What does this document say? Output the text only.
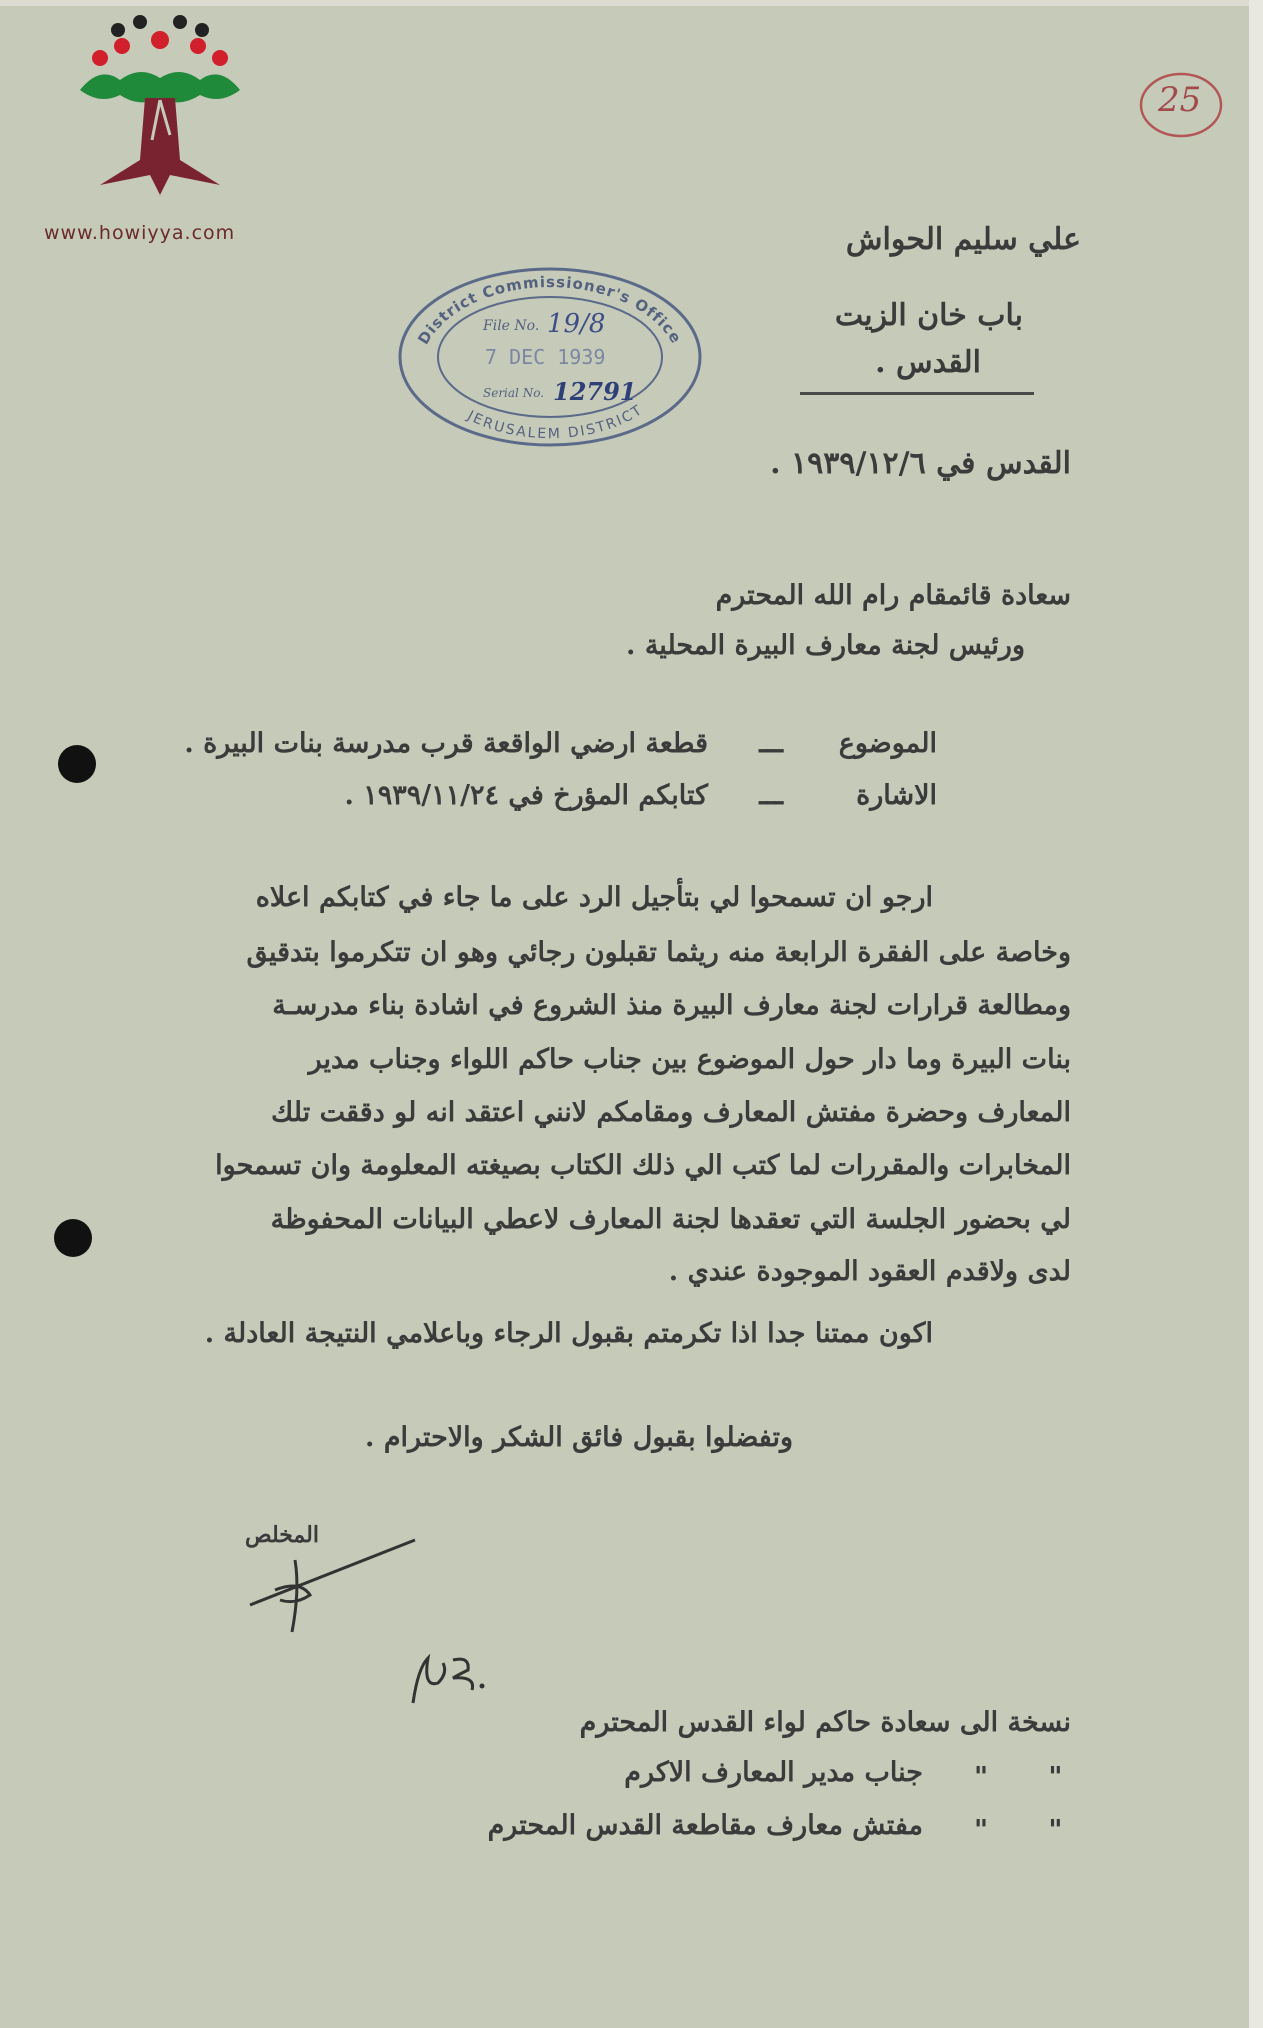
www.howiyya.com
25
District Commissioner's Office
JERUSALEM DISTRICT
File No. 19/8
7 DEC 1939
Serial No. 12791
علي سليم الحواش
باب خان الزيت
القدس .
القدس في ١٩٣٩/١٢/٦ .
سعادة قائمقام رام الله المحترم
ورئيس لجنة معارف البيرة المحلية .
الموضوع
ـــ
قطعة ارضي الواقعة قرب مدرسة بنات البيرة .
الاشارة
ـــ
كتابكم المؤرخ في ١٩٣٩/١١/٢٤ .
ارجو ان تسمحوا لي بتأجيل الرد على ما جاء في كتابكم اعلاه
وخاصة على الفقرة الرابعة منه ريثما تقبلون رجائي وهو ان تتكرموا بتدقيق
ومطالعة قرارات لجنة معارف البيرة منذ الشروع في اشادة بناء مدرسـة
بنات البيرة وما دار حول الموضوع بين جناب حاكم اللواء وجناب مدير
المعارف وحضرة مفتش المعارف ومقامكم لانني اعتقد انه لو دققت تلك
المخابرات والمقررات لما كتب الي ذلك الكتاب بصيغته المعلومة وان تسمحوا
لي بحضور الجلسة التي تعقدها لجنة المعارف لاعطي البيانات المحفوظة
لدى ولاقدم العقود الموجودة عندي .
اكون ممتنا جدا اذا تكرمتم بقبول الرجاء وباعلامي النتيجة العادلة .
وتفضلوا بقبول فائق الشكر والاحترام .
المخلص
نسخة الى سعادة حاكم لواء القدس المحترم
" "
جناب مدير المعارف الاكرم
" "
مفتش معارف مقاطعة القدس المحترم
